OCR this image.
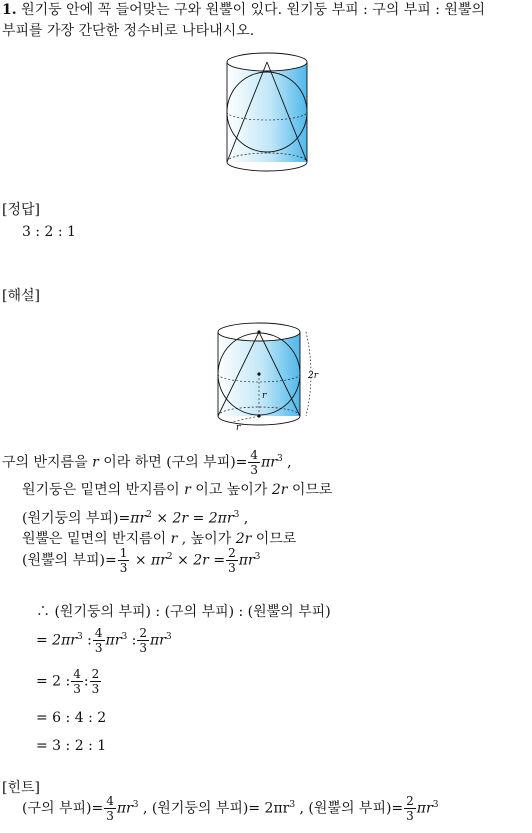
1. 원기둥 안에 꼭 들어맞는 구와 원뿔이 있다. 원기둥 부피 : 구의 부피 : 원뿔의
부피를 가장 간단한 정수비로 나타내시오.
[정답]
3 : 2 : 1
[해설]
2r
r
r
구의 반지름을 r 이라 하면 (구의 부피)= $\frac{4}{3} \pi r^3$ ,
원기둥은 밑면의 반지름이 r 이고 높이가 2r 이므로
(원기둥의 부피)$=\pi r^2 \times 2r = 2\pi r^3$ ,
원뿔은 밑면의 반지름이 r , 높이가 2r 이므로
(원뿔의 부피)= $\frac{1}{3} \times \pi r^2 \times 2r = \frac{2}{3} \pi r^3$
∴ (원기둥의 부피) : (구의 부피) : (원뿔의 부피)
= $2\pi r^3$ : $\frac{4}{3} \pi r^3$ : $\frac{2}{3} \pi r^3$
= 2 : $\frac{4}{3}$ : $\frac{2}{3}$
= 6 : 4 : 2
= 3 : 2 : 1
[힌트]
(구의 부피)= $\frac{4}{3} \pi r^3$ , (원기둥의 부피)= $2\pi r^3$ , (원뿔의 부피)= $\frac{2}{3} \pi r^3$
